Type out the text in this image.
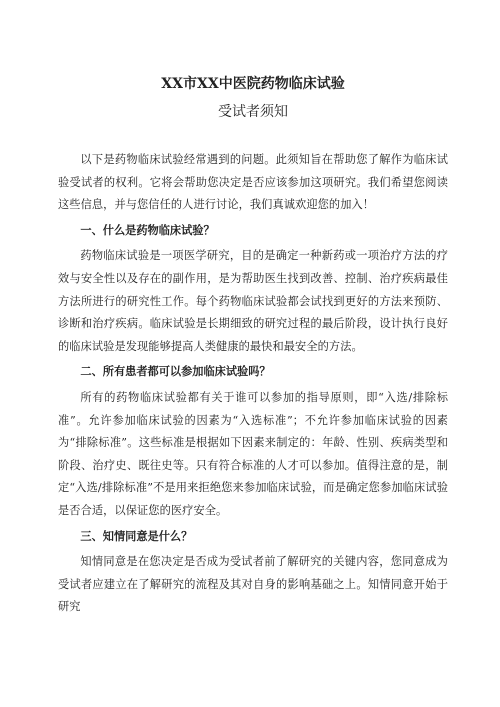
XX市XX中医院药物临床试验

受试者须知

以下是药物临床试验经常遇到的问题。此须知旨在帮助您了解作为临床试验受试者的权利。它将会帮助您决定是否应该参加这项研究。我们希望您阅读这些信息，并与您信任的人进行讨论，我们真诚欢迎您的加入！

一、什么是药物临床试验？

药物临床试验是一项医学研究，目的是确定一种新药或一项治疗方法的疗效与安全性以及存在的副作用，是为帮助医生找到改善、控制、治疗疾病最佳方法所进行的研究性工作。每个药物临床试验都会试找到更好的方法来预防、诊断和治疗疾病。临床试验是长期细致的研究过程的最后阶段，设计执行良好的临床试验是发现能够提高人类健康的最快和最安全的方法。

二、所有患者都可以参加临床试验吗？

所有的药物临床试验都有关于谁可以参加的指导原则，即“入选/排除标准”。允许参加临床试验的因素为“入选标准”；不允许参加临床试验的因素为“排除标准”。这些标准是根据如下因素来制定的：年龄、性别、疾病类型和阶段、治疗史、既往史等。只有符合标准的人才可以参加。值得注意的是，制定“入选/排除标准”不是用来拒绝您来参加临床试验，而是确定您参加临床试验是否合适，以保证您的医疗安全。

三、知情同意是什么？

知情同意是在您决定是否成为受试者前了解研究的关键内容，您同意成为受试者应建立在了解研究的流程及其对自身的影响基础之上。知情同意开始于研究
